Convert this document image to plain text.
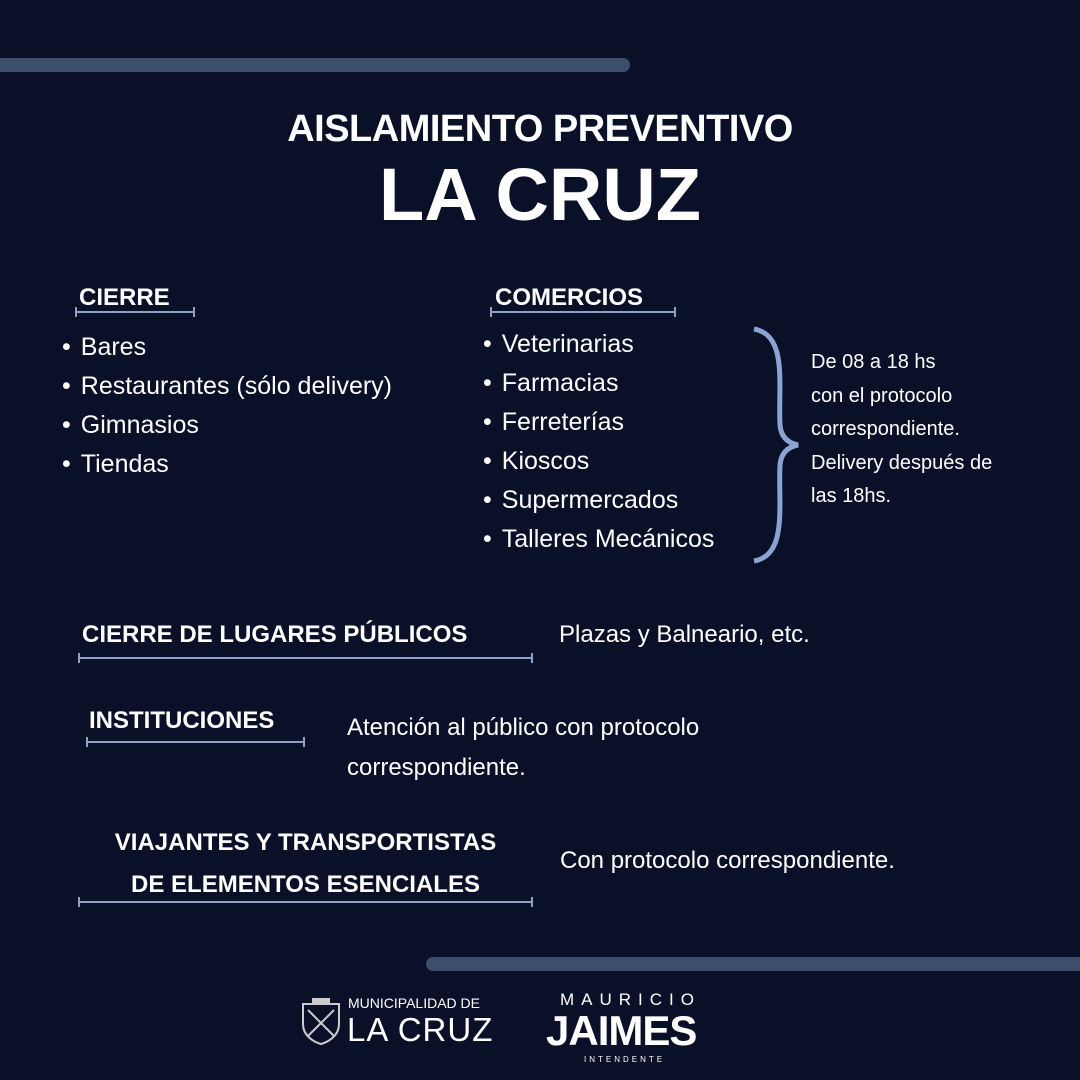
AISLAMIENTO PREVENTIVO
LA CRUZ
CIERRE
• Bares
• Restaurantes (sólo delivery)
• Gimnasios
• Tiendas
COMERCIOS
• Veterinarias
• Farmacias
• Ferreterías
• Kioscos
• Supermercados
• Talleres Mecánicos
De 08 a 18 hs
con el protocolo
correspondiente.
Delivery después de
las 18hs.
CIERRE DE LUGARES PÚBLICOS	Plazas y Balneario, etc.
INSTITUCIONES	Atención al público con protocolo
correspondiente.
VIAJANTES Y TRANSPORTISTAS
DE ELEMENTOS ESENCIALES
Con protocolo correspondiente.
MUNICIPALIDAD DE
LA CRUZ
MAURICIO
JAIMES
INTENDENTE
